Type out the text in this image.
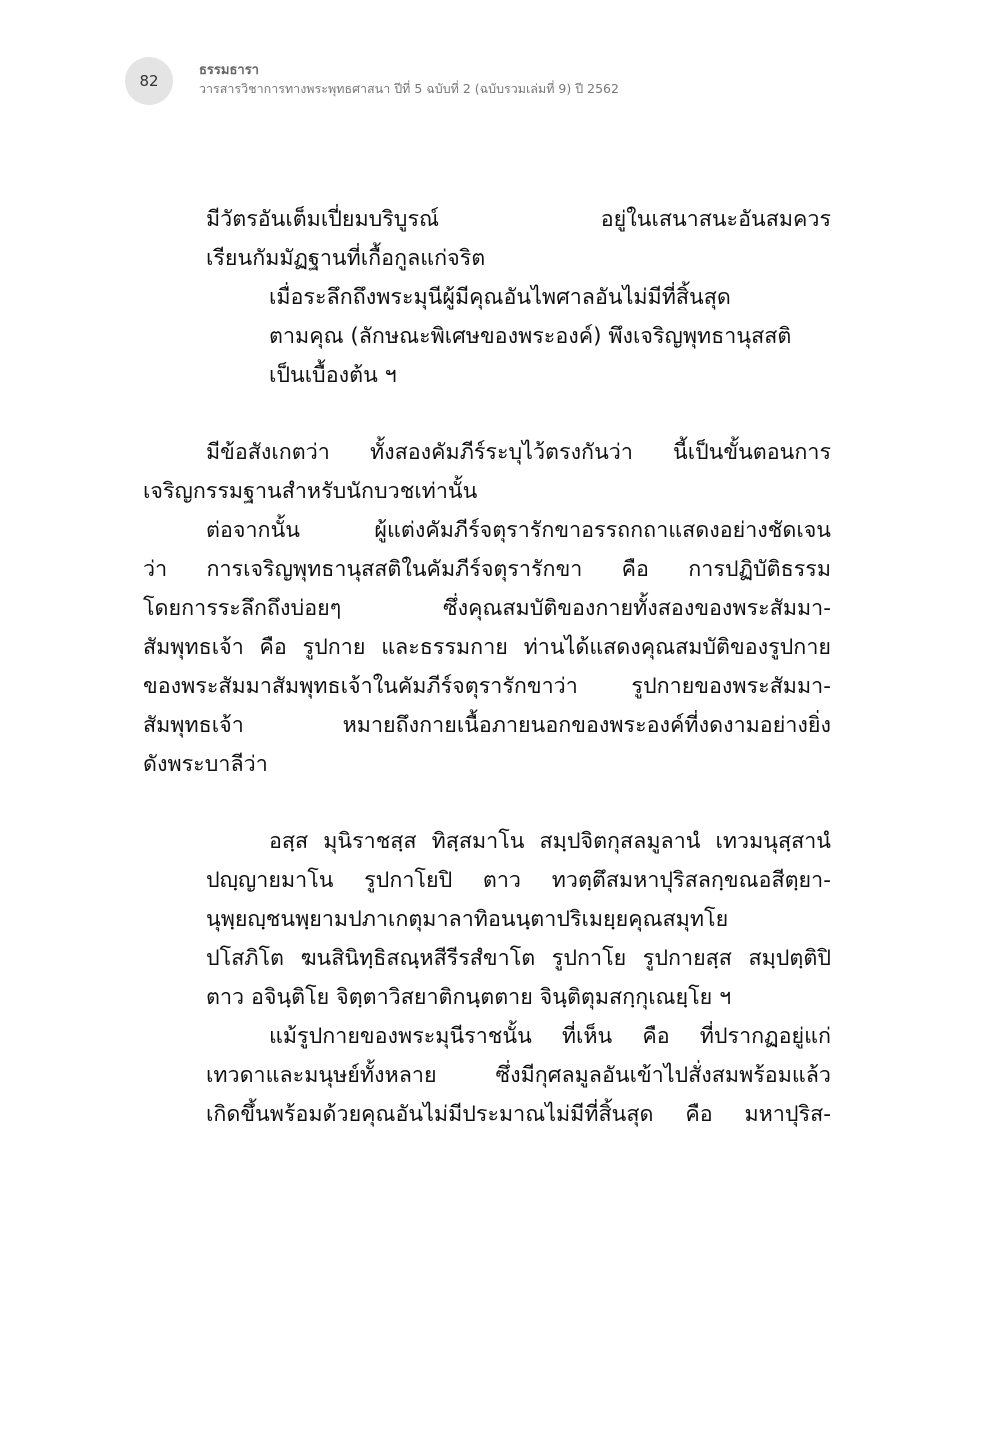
82
ธรรมธารา
วารสารวิชาการทางพระพุทธศาสนา ปีที่ 5 ฉบับที่ 2 (ฉบับรวมเล่มที่ 9) ปี 2562
มีวัตรอันเต็มเปี่ยมบริบูรณ์ อยู่ในเสนาสนะอันสมควร
เรียนกัมมัฏฐานที่เกื้อกูลแก่จริต
เมื่อระลึกถึงพระมุนีผู้มีคุณอันไพศาลอันไม่มีที่สิ้นสุด
ตามคุณ (ลักษณะพิเศษของพระองค์) พึงเจริญพุทธานุสสติ
เป็นเบื้องต้น ฯ
มีข้อสังเกตว่า ทั้งสองคัมภีร์ระบุไว้ตรงกันว่า นี้เป็นขั้นตอนการ
เจริญกรรมฐานสำหรับนักบวชเท่านั้น
ต่อจากนั้น ผู้แต่งคัมภีร์จตุรารักขาอรรถกถาแสดงอย่างชัดเจน
ว่า การเจริญพุทธานุสสติในคัมภีร์จตุรารักขา คือ การปฏิบัติธรรม
โดยการระลึกถึงบ่อยๆ ซึ่งคุณสมบัติของกายทั้งสองของพระสัมมา-
สัมพุทธเจ้า คือ รูปกาย และธรรมกาย ท่านได้แสดงคุณสมบัติของรูปกาย
ของพระสัมมาสัมพุทธเจ้าในคัมภีร์จตุรารักขาว่า รูปกายของพระสัมมา-
สัมพุทธเจ้า หมายถึงกายเนื้อภายนอกของพระองค์ที่งดงามอย่างยิ่ง
ดังพระบาลีว่า
อสฺส มุนิราชสฺส ทิสฺสมาโน สมฺปจิตกุสลมูลานํ เทวมนุสฺสานํ
ปญฺญายมาโน รูปกาโยปิ ตาว ทวตฺตึสมหาปุริสลกฺขณอสีตฺยา-
นุพฺยญฺชนพฺยามปภาเกตุมาลาทิอนนฺตาปริเมยฺยคุณสมุทโย
ปโสภิโต ฆนสินิทฺธิสณฺหสีรีรสํขาโต รูปกาโย รูปกายสฺส สมฺปตฺติปิ
ตาว อจินฺติโย จิตฺตาวิสยาติกนฺตตาย จินฺติตุมสกฺกุเณยฺโย ฯ
แม้รูปกายของพระมุนีราชนั้น ที่เห็น คือ ที่ปรากฏอยู่แก่
เทวดาและมนุษย์ทั้งหลาย ซึ่งมีกุศลมูลอันเข้าไปสั่งสมพร้อมแล้ว
เกิดขึ้นพร้อมด้วยคุณอันไม่มีประมาณไม่มีที่สิ้นสุด คือ มหาปุริส-
